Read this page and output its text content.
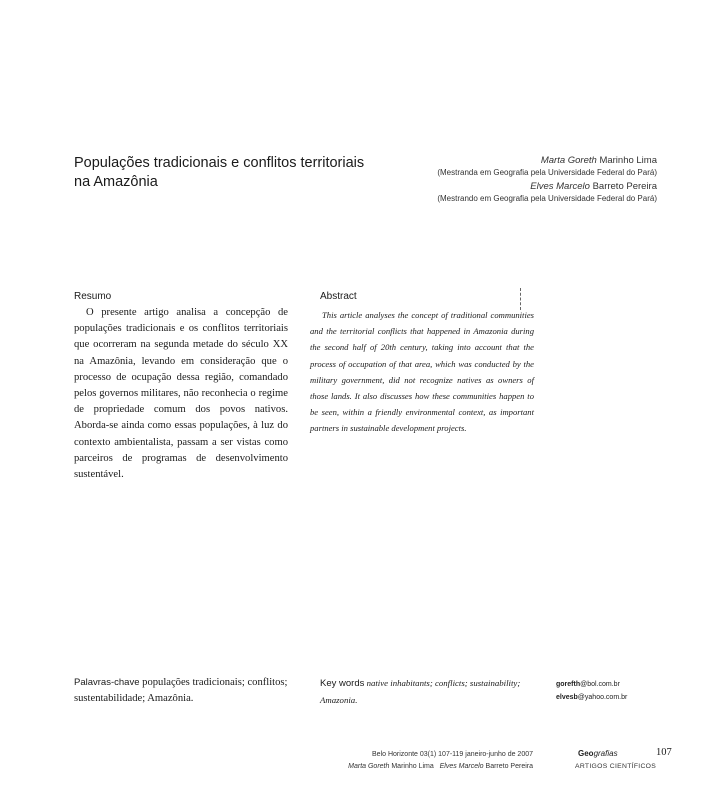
Populações tradicionais e conflitos territoriais na Amazônia
Marta Goreth Marinho Lima
(Mestranda em Geografia pela Universidade Federal do Pará)
Elves Marcelo Barreto Pereira
(Mestrando em Geografia pela Universidade Federal do Pará)
Resumo
O presente artigo analisa a concepção de populações tradicionais e os conflitos territoriais que ocorreram na segunda metade do século XX na Amazônia, levando em consideração que o processo de ocupação dessa região, comandado pelos governos militares, não reconhecia o regime de propriedade comum dos povos nativos. Aborda-se ainda como essas populações, à luz do contexto ambientalista, passam a ser vistas como parceiros de programas de desenvolvimento sustentável.
Abstract
This article analyses the concept of traditional communities and the territorial conflicts that happened in Amazonia during the second half of 20th century, taking into account that the process of occupation of that area, which was conducted by the military government, did not recognize natives as owners of those lands. It also discusses how these communities happen to be seen, within a friendly environmental context, as important partners in sustainable development projects.
Palavras-chave populações tradicionais; conflitos; sustentabilidade; Amazônia.
Key words native inhabitants; conflicts; sustainability; Amazonia.
gorefth@bol.com.br
elvesb@yahoo.com.br
Belo Horizonte 03(1) 107-119 janeiro-junho de 2007
Marta Goreth Marinho Lima Elves Marcelo Barreto Pereira
Geografias
ARTIGOS CIENTÍFICOS
107
